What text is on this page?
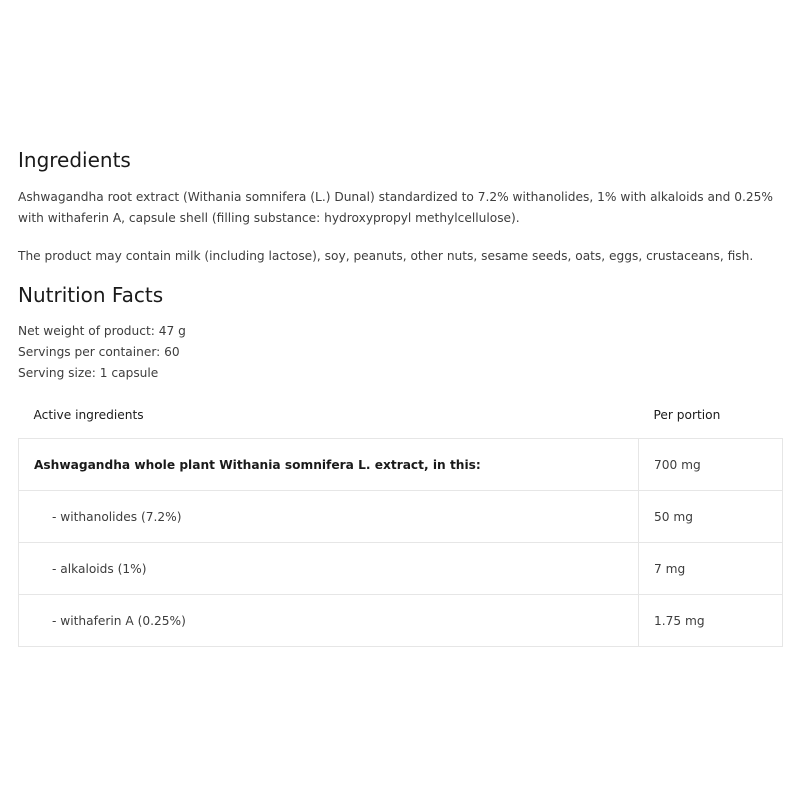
Ingredients

Ashwagandha root extract (Withania somnifera (L.) Dunal) standardized to 7.2% withanolides, 1% with alkaloids and 0.25% with withaferin A, capsule shell (filling substance: hydroxypropyl methylcellulose).

The product may contain milk (including lactose), soy, peanuts, other nuts, sesame seeds, oats, eggs, crustaceans, fish.

Nutrition Facts
Net weight of product: 47 g
Servings per container: 60
Serving size: 1 capsule
Active ingredients	Per portion
Ashwagandha whole plant Withania somnifera L. extract, in this:	700 mg
- withanolides (7.2%)	50 mg
- alkaloids (1%)	7 mg
- withaferin A (0.25%)	1.75 mg
